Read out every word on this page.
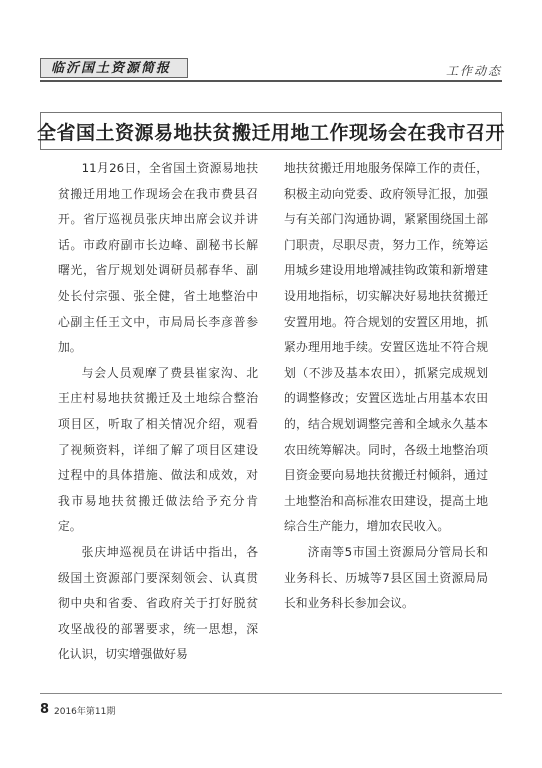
临沂国土资源简报	工作动态
全省国土资源易地扶贫搬迁用地工作现场会在我市召开

11月26日，全省国土资源易地扶贫搬迁用地工作现场会在我市费县召开。省厅巡视员张庆坤出席会议并讲话。市政府副市长边峰、副秘书长解曙光，省厅规划处调研员郝春华、副处长付宗强、张全健，省土地整治中心副主任王文中，市局局长李彦普参加。

与会人员观摩了费县崔家沟、北王庄村易地扶贫搬迁及土地综合整治项目区，听取了相关情况介绍，观看了视频资料，详细了解了项目区建设过程中的具体措施、做法和成效，对我市易地扶贫搬迁做法给予充分肯定。

张庆坤巡视员在讲话中指出，各级国土资源部门要深刻领会、认真贯彻中央和省委、省政府关于打好脱贫攻坚战役的部署要求，统一思想，深化认识，切实增强做好易

地扶贫搬迁用地服务保障工作的责任，积极主动向党委、政府领导汇报，加强与有关部门沟通协调，紧紧围绕国土部门职责，尽职尽责，努力工作，统筹运用城乡建设用地增减挂钩政策和新增建设用地指标，切实解决好易地扶贫搬迁安置用地。符合规划的安置区用地，抓紧办理用地手续。安置区选址不符合规划（不涉及基本农田），抓紧完成规划的调整修改；安置区选址占用基本农田的，结合规划调整完善和全域永久基本农田统筹解决。同时，各级土地整治项目资金要向易地扶贫搬迁村倾斜，通过土地整治和高标准农田建设，提高土地综合生产能力，增加农民收入。

济南等5市国土资源局分管局长和业务科长、历城等7县区国土资源局局长和业务科长参加会议。

8 2016年第11期
